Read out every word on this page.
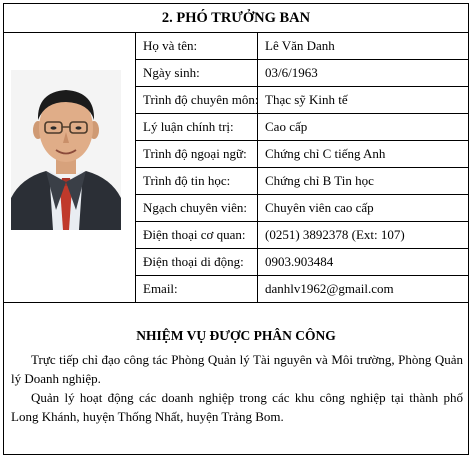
2. PHÓ TRƯỞNG BAN
Họ và tên:	Lê Văn Danh
Ngày sinh:	03/6/1963
Trình độ chuyên môn: Thạc sỹ Kinh tế
Lý luận chính trị:	Cao cấp
Trình độ ngoại ngữ:	Chứng chỉ C tiếng Anh
Trình độ tin học:	Chứng chỉ B Tin học
Ngạch chuyên viên:	Chuyên viên cao cấp
Điện thoại cơ quan:	(0251) 3892378 (Ext: 107)
Điện thoại di động:	0903.903484
Email:	danhlv1962@gmail.com
NHIỆM VỤ ĐƯỢC PHÂN CÔNG
Trực tiếp chỉ đạo công tác Phòng Quản lý Tài nguyên và Môi trường, Phòng Quản lý Doanh nghiệp.
Quản lý hoạt động các doanh nghiệp trong các khu công nghiệp tại thành phố Long Khánh, huyện Thống Nhất, huyện Trảng Bom.
